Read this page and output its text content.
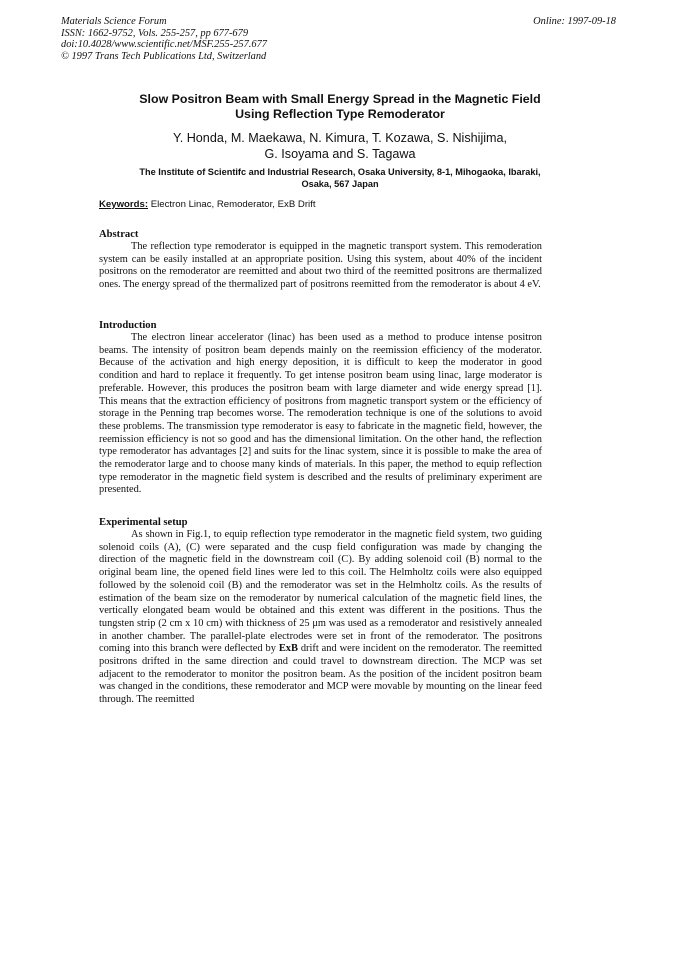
Materials Science Forum
ISSN: 1662-9752, Vols. 255-257, pp 677-679
doi:10.4028/www.scientific.net/MSF.255-257.677
© 1997 Trans Tech Publications Ltd, Switzerland
Online: 1997-09-18
Slow Positron Beam with Small Energy Spread in the Magnetic Field
Using Reflection Type Remoderator
Y. Honda, M. Maekawa, N. Kimura, T. Kozawa, S. Nishijima,
G. Isoyama and S. Tagawa
The Institute of Scientifc and Industrial Research, Osaka University, 8-1, Mihogaoka, Ibaraki,
Osaka, 567 Japan
Keywords: Electron Linac, Remoderator, ExB Drift
Abstract

The reflection type remoderator is equipped in the magnetic transport system. This remoderation system can be easily installed at an appropriate position. Using this system, about 40% of the incident positrons on the remoderator are reemitted and about two third of the reemitted positrons are thermalized ones. The energy spread of the thermalized part of positrons reemitted from the remoderator is about 4 eV.

Introduction

The electron linear accelerator (linac) has been used as a method to produce intense positron beams. The intensity of positron beam depends mainly on the reemission efficiency of the moderator. Because of the activation and high energy deposition, it is difficult to keep the moderator in good condition and hard to replace it frequently. To get intense positron beam using linac, large moderator is preferable. However, this produces the positron beam with large diameter and wide energy spread [1]. This means that the extraction efficiency of positrons from magnetic transport system or the efficiency of storage in the Penning trap becomes worse. The remoderation technique is one of the solutions to avoid these problems. The transmission type remoderator is easy to fabricate in the magnetic field, however, the reemission efficiency is not so good and has the dimensional limitation. On the other hand, the reflection type remoderator has advantages [2] and suits for the linac system, since it is possible to make the area of the remoderator large and to choose many kinds of materials. In this paper, the method to equip reflection type remoderator in the magnetic field system is described and the results of preliminary experiment are presented.

Experimental setup

As shown in Fig.1, to equip reflection type remoderator in the magnetic field system, two guiding solenoid coils (A), (C) were separated and the cusp field configuration was made by changing the direction of the magnetic field in the downstream coil (C). By adding solenoid coil (B) normal to the original beam line, the opened field lines were led to this coil. The Helmholtz coils were also equipped followed by the solenoid coil (B) and the remoderator was set in the Helmholtz coils. As the results of estimation of the beam size on the remoderator by numerical calculation of the magnetic field lines, the vertically elongated beam would be obtained and this extent was different in the positions. Thus the tungsten strip (2 cm x 10 cm) with thickness of 25 μm was used as a remoderator and resistively annealed in another chamber. The parallel-plate electrodes were set in front of the remoderator. The positrons coming into this branch were deflected by ExB drift and were incident on the remoderator. The reemitted positrons drifted in the same direction and could travel to downstream direction. The MCP was set adjacent to the remoderator to monitor the positron beam. As the position of the incident positron beam was changed in the conditions, these remoderator and MCP were movable by mounting on the linear feed through. The reemitted
